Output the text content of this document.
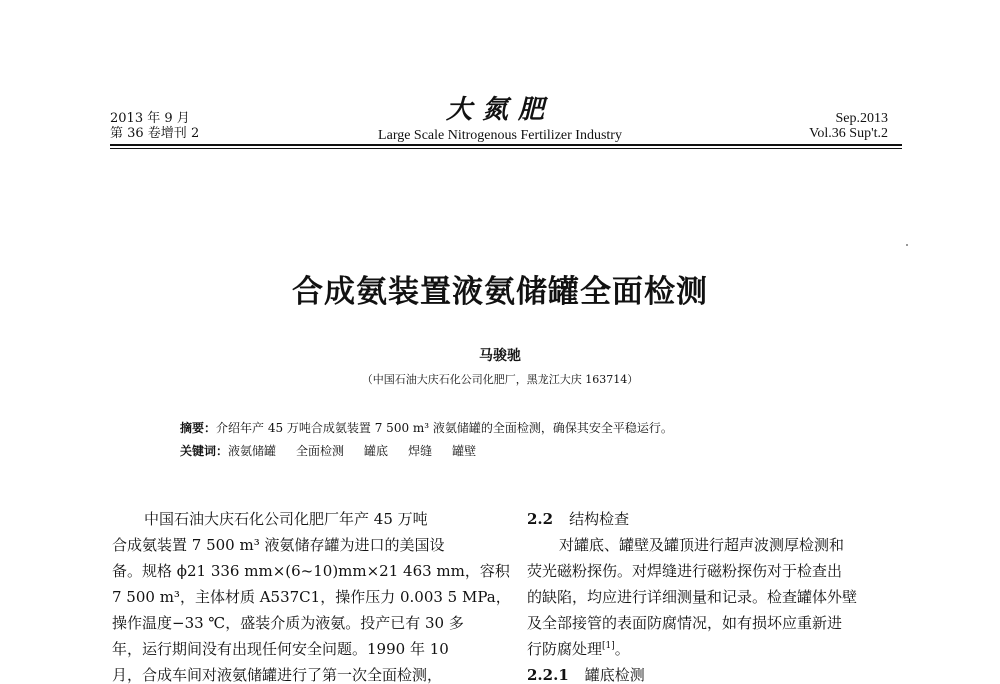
2013 年 9 月
第 36 卷增刊 2
大氮肥
Large Scale Nitrogenous Fertilizer Industry
Sep.2013
Vol.36 Sup't.2
合成氨装置液氨储罐全面检测
马骏驰
（中国石油大庆石化公司化肥厂，黑龙江大庆 163714）
摘要：介绍年产 45 万吨合成氨装置 7 500 m³ 液氨储罐的全面检测，确保其安全平稳运行。
关键词：液氨储罐 全面检测 罐底 焊缝 罐壁

中国石油大庆石化公司化肥厂年产 45 万吨

合成氨装置 7 500 m³ 液氨储存罐为进口的美国设

备。规格 ϕ21 336 mm×(6~10)mm×21 463 mm，容积

7 500 m³，主体材质 A537C1，操作压力 0.003 5 MPa，

操作温度−33 ℃，盛装介质为液氨。投产已有 30 多

年，运行期间没有出现任何安全问题。1990 年 10

月，合成车间对液氨储罐进行了第一次全面检测，

2.2 结构检查

对罐底、罐壁及罐顶进行超声波测厚检测和

荧光磁粉探伤。对焊缝进行磁粉探伤对于检查出

的缺陷，均应进行详细测量和记录。检查罐体外壁

及全部接管的表面防腐情况，如有损坏应重新进

行防腐处理[1]。

2.2.1 罐底检测
